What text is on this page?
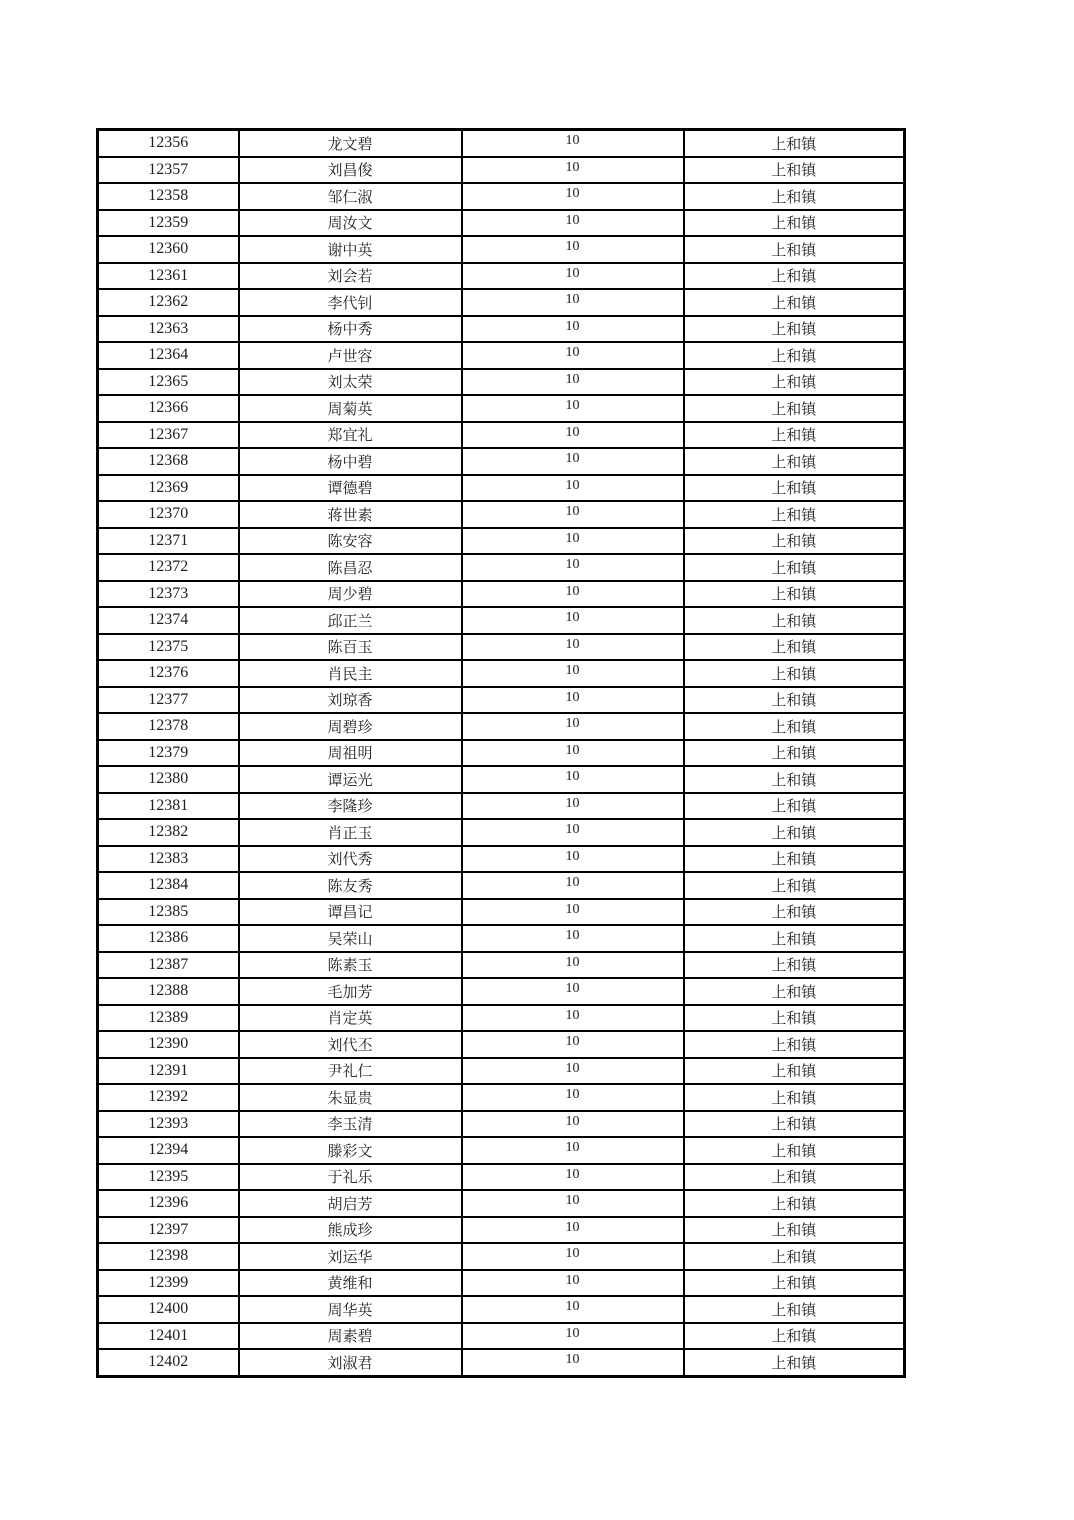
12356	龙文碧	10	上和镇
12357	刘昌俊	10	上和镇
12358	邹仁淑	10	上和镇
12359	周汝文	10	上和镇
12360	谢中英	10	上和镇
12361	刘会若	10	上和镇
12362	李代钊	10	上和镇
12363	杨中秀	10	上和镇
12364	卢世容	10	上和镇
12365	刘太荣	10	上和镇
12366	周菊英	10	上和镇
12367	郑宜礼	10	上和镇
12368	杨中碧	10	上和镇
12369	谭德碧	10	上和镇
12370	蒋世素	10	上和镇
12371	陈安容	10	上和镇
12372	陈昌忍	10	上和镇
12373	周少碧	10	上和镇
12374	邱正兰	10	上和镇
12375	陈百玉	10	上和镇
12376	肖民主	10	上和镇
12377	刘琼香	10	上和镇
12378	周碧珍	10	上和镇
12379	周祖明	10	上和镇
12380	谭运光	10	上和镇
12381	李隆珍	10	上和镇
12382	肖正玉	10	上和镇
12383	刘代秀	10	上和镇
12384	陈友秀	10	上和镇
12385	谭昌记	10	上和镇
12386	吴荣山	10	上和镇
12387	陈素玉	10	上和镇
12388	毛加芳	10	上和镇
12389	肖定英	10	上和镇
12390	刘代丕	10	上和镇
12391	尹礼仁	10	上和镇
12392	朱显贵	10	上和镇
12393	李玉清	10	上和镇
12394	滕彩文	10	上和镇
12395	于礼乐	10	上和镇
12396	胡启芳	10	上和镇
12397	熊成珍	10	上和镇
12398	刘运华	10	上和镇
12399	黄维和	10	上和镇
12400	周华英	10	上和镇
12401	周素碧	10	上和镇
12402	刘淑君	10	上和镇
